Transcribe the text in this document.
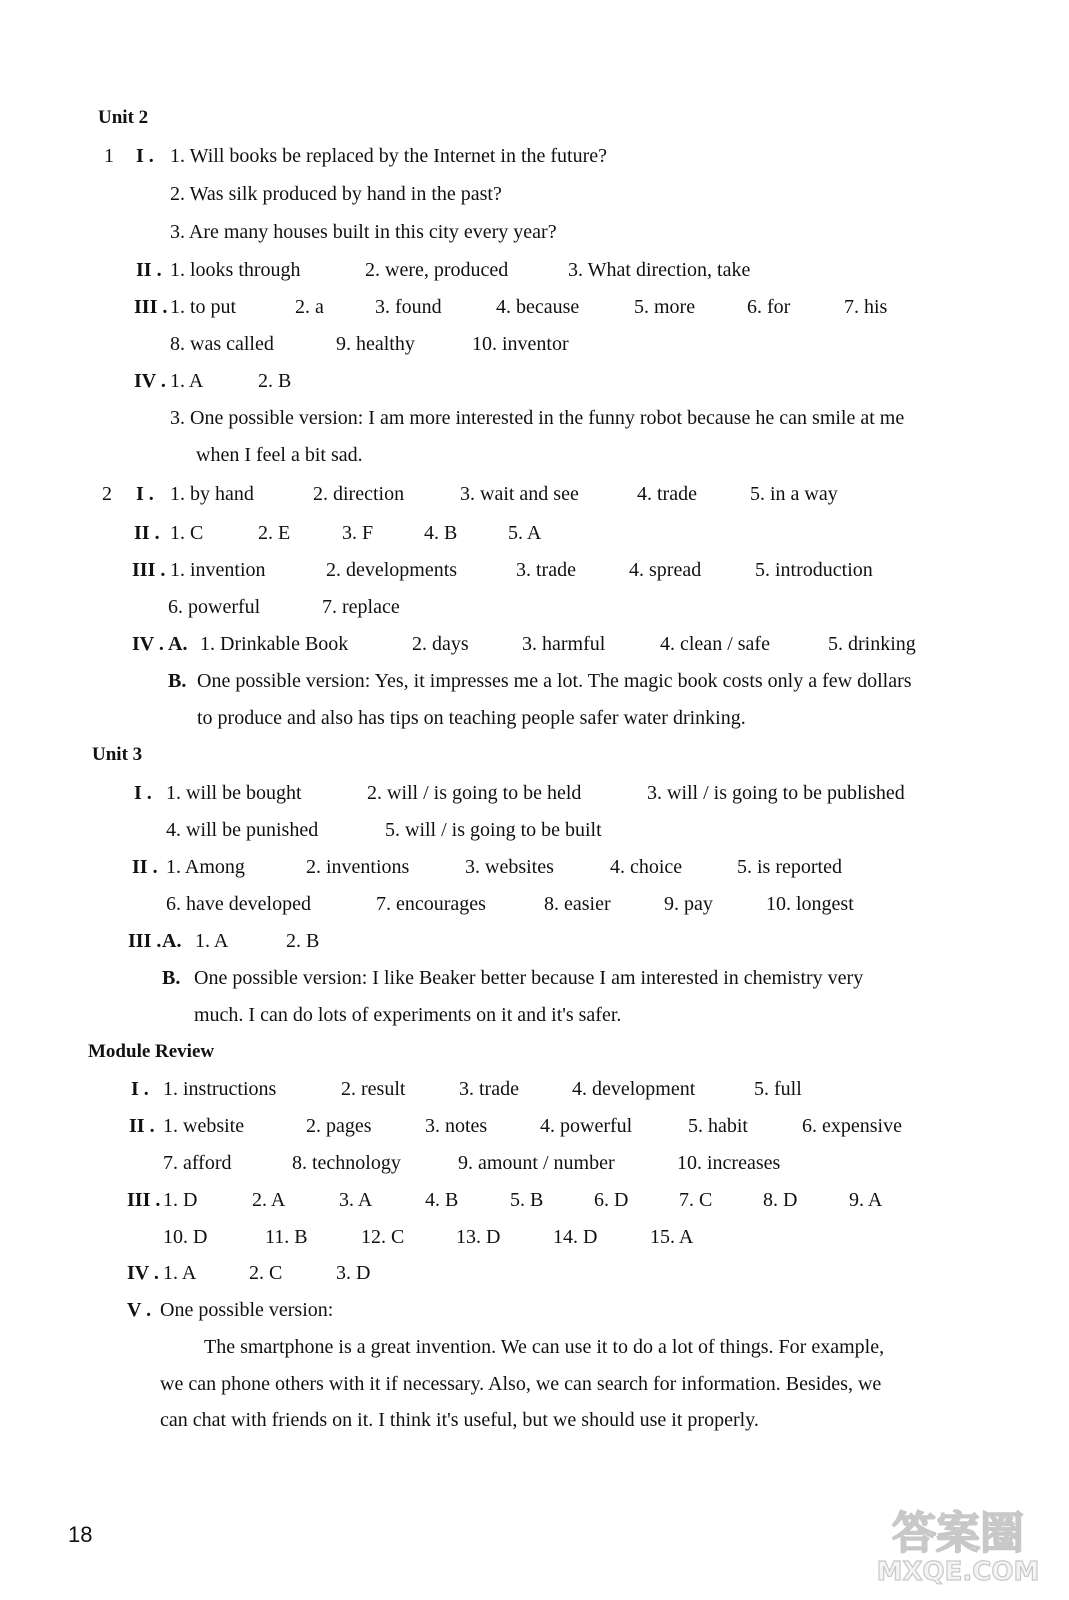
Unit 2
1 I . 1. Will books be replaced by the Internet in the future?
2. Was silk produced by hand in the past?
3. Are many houses built in this city every year?
II . 1. looks through	2. were, produced	3. What direction, take
III . 1. to put	2. a	3. found	4. because	5. more	6. for	7. his
8. was called	9. healthy	10. inventor
IV . 1. A	2. B
3. One possible version: I am more interested in the funny robot because he can smile at me
when I feel a bit sad.
2 I . 1. by hand	2. direction	3. wait and see	4. trade	5. in a way
II . 1. C	2. E	3. F	4. B	5. A
III . 1. invention	2. developments	3. trade	4. spread	5. introduction
6. powerful	7. replace
IV . A. 1. Drinkable Book	2. days	3. harmful	4. clean / safe	5. drinking
B. One possible version: Yes, it impresses me a lot. The magic book costs only a few dollars
to produce and also has tips on teaching people safer water drinking.
Unit 3
I . 1. will be bought	2. will / is going to be held	3. will / is going to be published
4. will be punished	5. will / is going to be built
II . 1. Among	2. inventions	3. websites	4. choice	5. is reported
6. have developed	7. encourages	8. easier	9. pay	10. longest
III . A. 1. A	2. B
B. One possible version: I like Beaker better because I am interested in chemistry very
much. I can do lots of experiments on it and it's safer.
Module Review
I . 1. instructions	2. result	3. trade	4. development	5. full
II . 1. website	2. pages	3. notes	4. powerful	5. habit	6. expensive
7. afford	8. technology	9. amount / number	10. increases
III . 1. D	2. A	3. A	4. B	5. B	6. D	7. C	8. D	9. A
10. D	11. B	12. C	13. D	14. D	15. A
IV . 1. A	2. C	3. D
V . One possible version:
The smartphone is a great invention. We can use it to do a lot of things. For example,
we can phone others with it if necessary. Also, we can search for information. Besides, we
can chat with friends on it. I think it's useful, but we should use it properly.
18	答案圈
MXQE.COM
